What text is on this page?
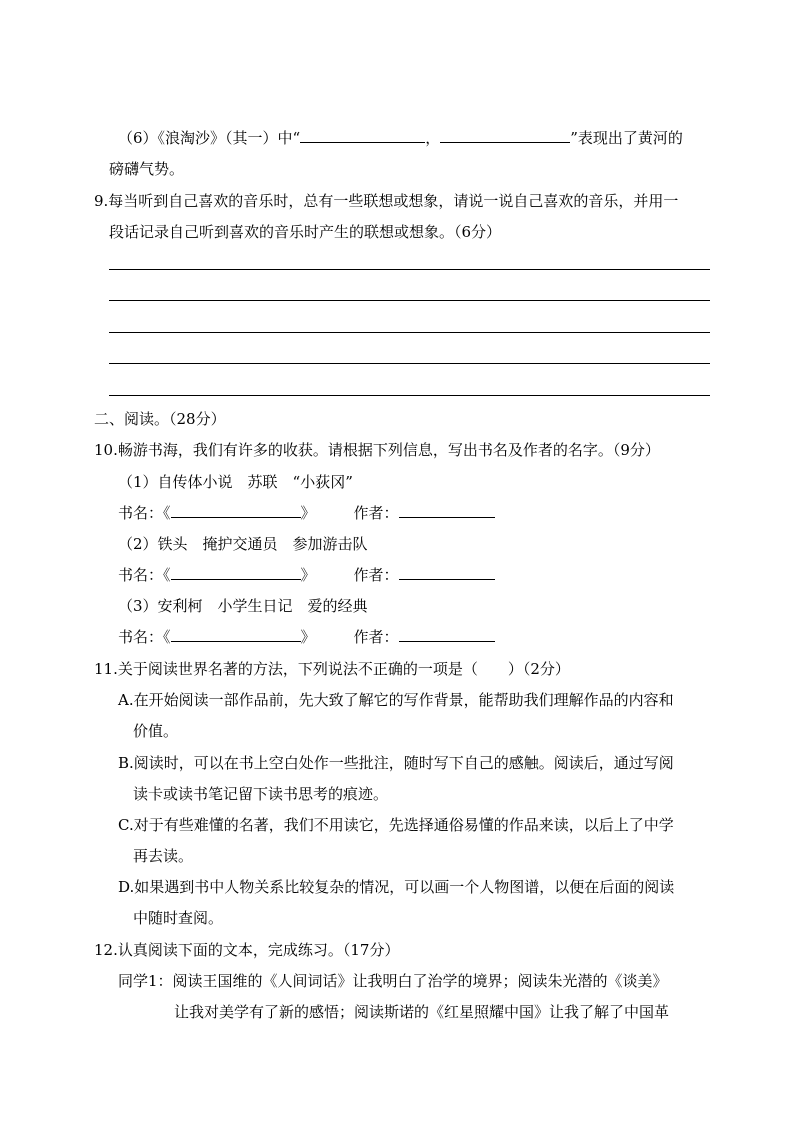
（6）《浪淘沙》（其一）中“	，	”表现出了黄河的
磅礴气势。
9.每当听到自己喜欢的音乐时，总有一些联想或想象，请说一说自己喜欢的音乐，并用一
段话记录自己听到喜欢的音乐时产生的联想或想象。（6分）
二、阅读。（28分）
10.畅游书海，我们有许多的收获。请根据下列信息，写出书名及作者的名字。（9分）
（1）自传体小说　苏联　“小荻冈”
书名：《	》	作者：
（2）铁头　掩护交通员　参加游击队
书名：《	》	作者：
（3）安利柯　小学生日记　爱的经典
书名：《	》	作者：
11.关于阅读世界名著的方法，下列说法不正确的一项是（　　）（2分）
A.在开始阅读一部作品前，先大致了解它的写作背景，能帮助我们理解作品的内容和
价值。
B.阅读时，可以在书上空白处作一些批注，随时写下自己的感触。阅读后，通过写阅
读卡或读书笔记留下读书思考的痕迹。
C.对于有些难懂的名著，我们不用读它，先选择通俗易懂的作品来读，以后上了中学
再去读。
D.如果遇到书中人物关系比较复杂的情况，可以画一个人物图谱，以便在后面的阅读
中随时查阅。
12.认真阅读下面的文本，完成练习。（17分）
同学1：阅读王国维的《人间词话》让我明白了治学的境界；阅读朱光潜的《谈美》
让我对美学有了新的感悟；阅读斯诺的《红星照耀中国》让我了解了中国革
